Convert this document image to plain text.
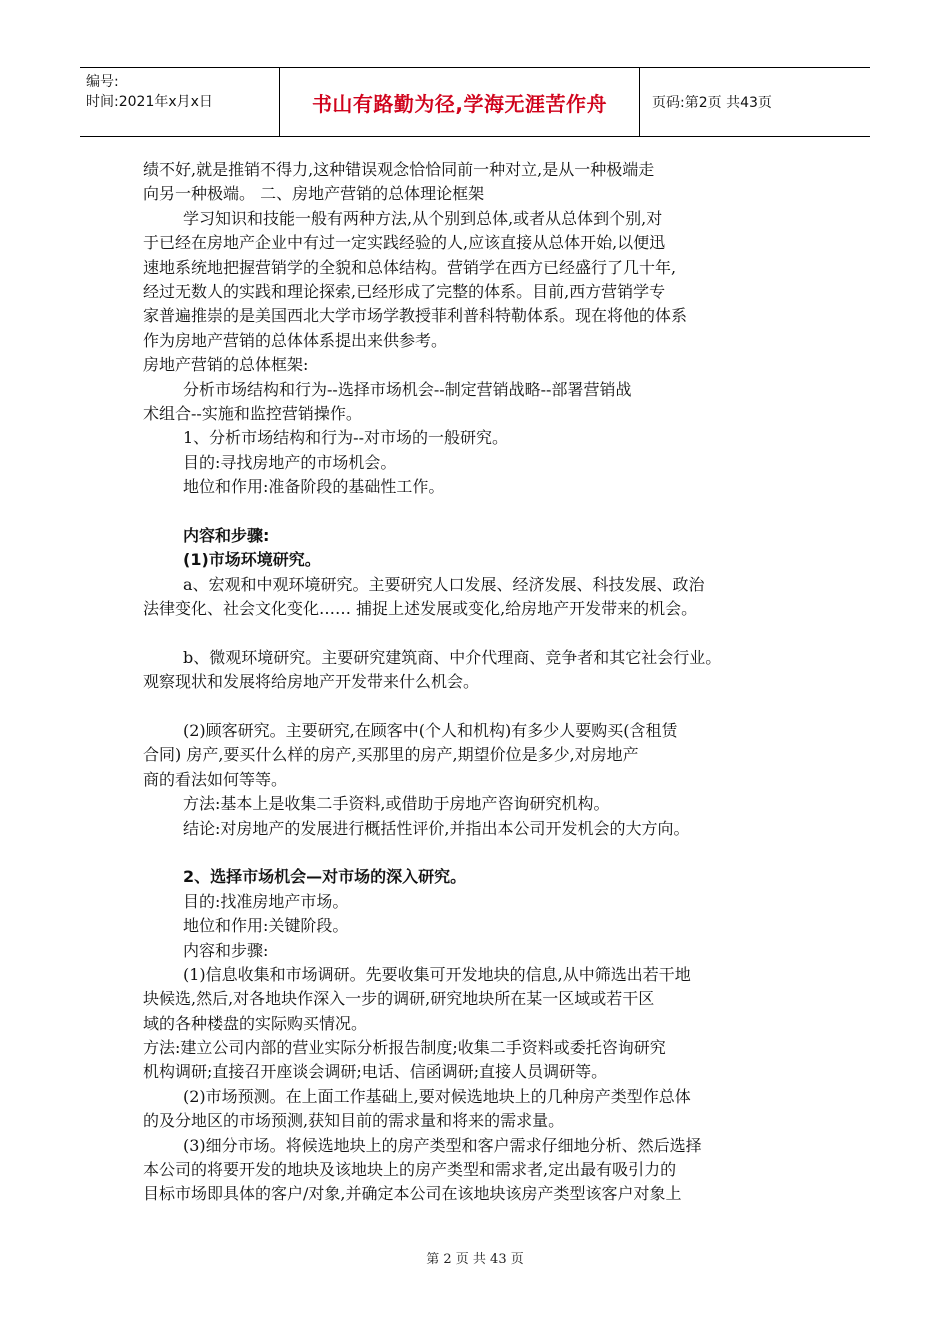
编号:
时间:2021年x月x日	书山有路勤为径,学海无涯苦作舟	页码:第2页 共43页
绩不好,就是推销不得力,这种错误观念恰恰同前一种对立,是从一种极端走
向另一种极端。 二、房地产营销的总体理论框架
学习知识和技能一般有两种方法,从个别到总体,或者从总体到个别,对
于已经在房地产企业中有过一定实践经验的人,应该直接从总体开始,以便迅
速地系统地把握营销学的全貌和总体结构。营销学在西方已经盛行了几十年,
经过无数人的实践和理论探索,已经形成了完整的体系。目前,西方营销学专
家普遍推崇的是美国西北大学市场学教授菲利普科特勒体系。现在将他的体系
作为房地产营销的总体体系提出来供参考。
房地产营销的总体框架:
分析市场结构和行为--选择市场机会--制定营销战略--部署营销战
术组合--实施和监控营销操作。
1、分析市场结构和行为--对市场的一般研究。
目的:寻找房地产的市场机会。
地位和作用:准备阶段的基础性工作。
内容和步骤:
(1)市场环境研究。
a、宏观和中观环境研究。主要研究人口发展、经济发展、科技发展、政治
法律变化、社会文化变化…… 捕捉上述发展或变化,给房地产开发带来的机会。
b、微观环境研究。主要研究建筑商、中介代理商、竞争者和其它社会行业。
观察现状和发展将给房地产开发带来什么机会。
(2)顾客研究。主要研究,在顾客中(个人和机构)有多少人要购买(含租赁
合同) 房产,要买什么样的房产,买那里的房产,期望价位是多少,对房地产
商的看法如何等等。
方法:基本上是收集二手资料,或借助于房地产咨询研究机构。
结论:对房地产的发展进行概括性评价,并指出本公司开发机会的大方向。
2、选择市场机会—对市场的深入研究。
目的:找准房地产市场。
地位和作用:关键阶段。
内容和步骤:
(1)信息收集和市场调研。先要收集可开发地块的信息,从中筛选出若干地
块候选,然后,对各地块作深入一步的调研,研究地块所在某一区域或若干区
域的各种楼盘的实际购买情况。
方法:建立公司内部的营业实际分析报告制度;收集二手资料或委托咨询研究
机构调研;直接召开座谈会调研;电话、信函调研;直接人员调研等。
(2)市场预测。在上面工作基础上,要对候选地块上的几种房产类型作总体
的及分地区的市场预测,获知目前的需求量和将来的需求量。
(3)细分市场。将候选地块上的房产类型和客户需求仔细地分析、然后选择
本公司的将要开发的地块及该地块上的房产类型和需求者,定出最有吸引力的
目标市场即具体的客户/对象,并确定本公司在该地块该房产类型该客户对象上
第 2 页 共 43 页
